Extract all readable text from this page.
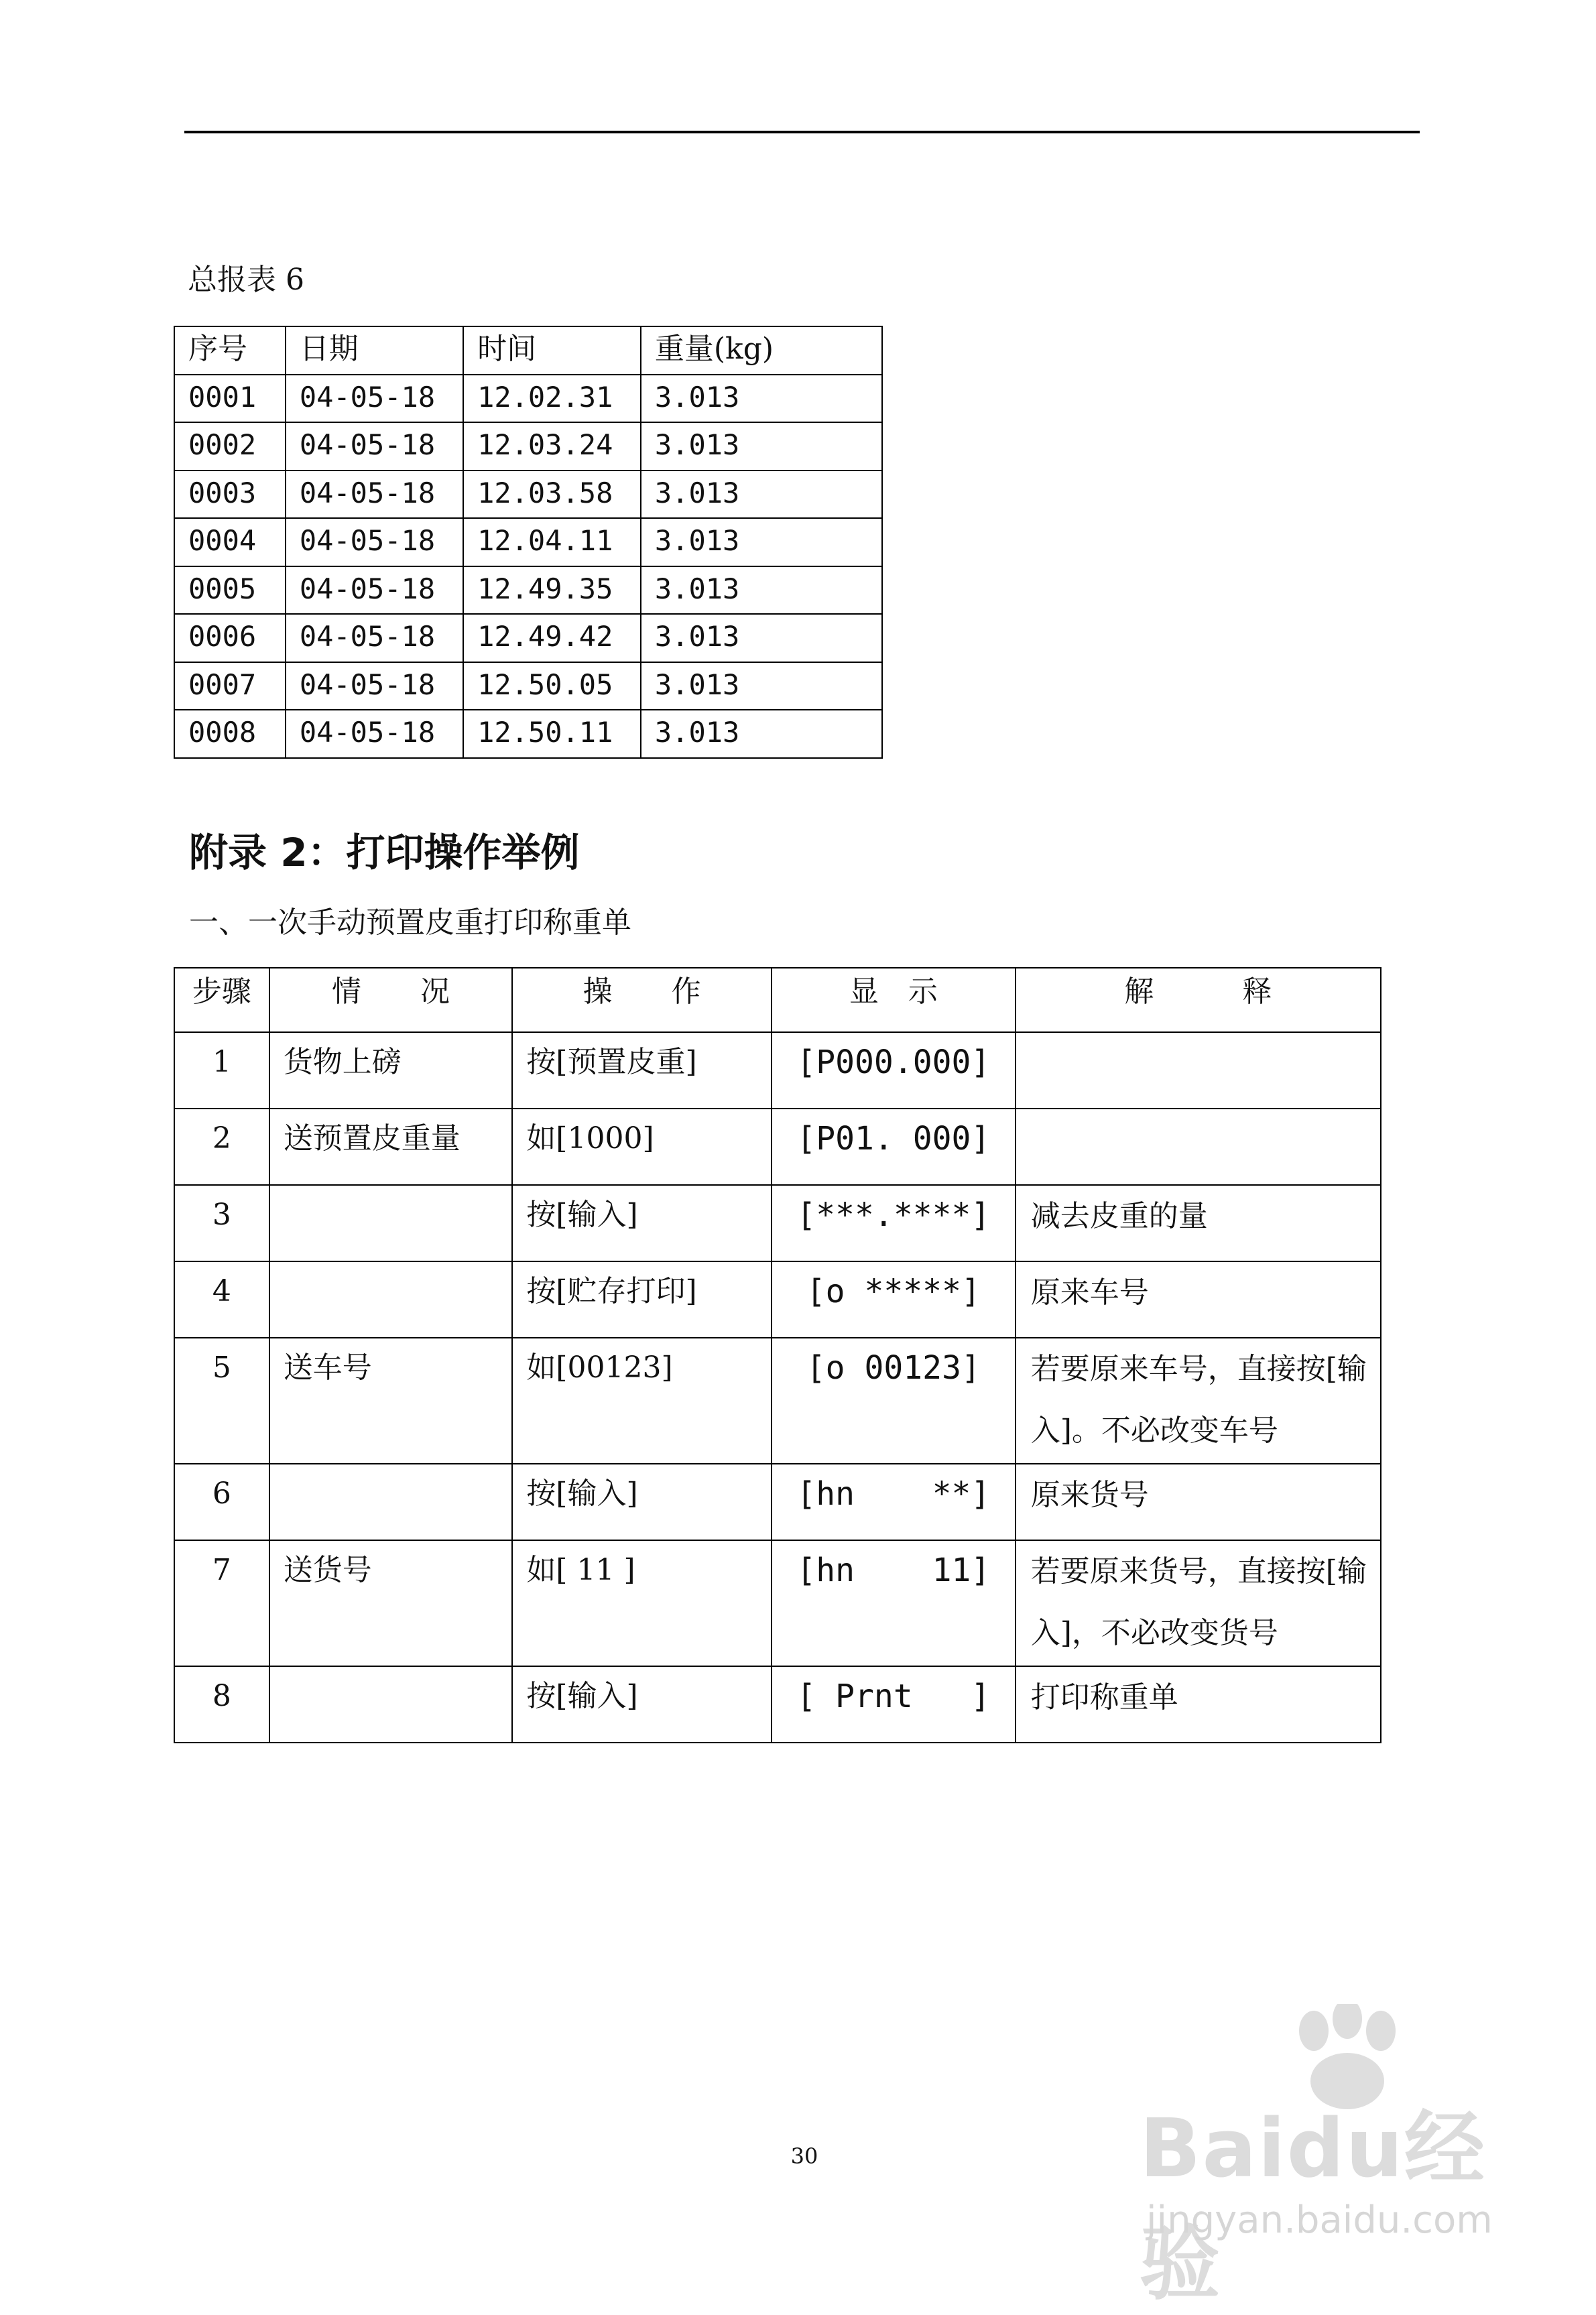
总报表 6
序号	日期	时间	重量(kg)
0001	04-05-18	12.02.31	3.013
0002	04-05-18	12.03.24	3.013
0003	04-05-18	12.03.58	3.013
0004	04-05-18	12.04.11	3.013
0005	04-05-18	12.49.35	3.013
0006	04-05-18	12.49.42	3.013
0007	04-05-18	12.50.05	3.013
0008	04-05-18	12.50.11	3.013
附录 2：打印操作举例
一、一次手动预置皮重打印称重单
步骤	情　　况	操　　作	显　示	解　　　释
1	货物上磅	按[预置皮重]	[P000.000]	
2	送预置皮重量	如[1000]	[P01. 000]	
3		按[输入]	[***.****]	减去皮重的量
4		按[贮存打印]	[o *****]	原来车号
5	送车号	如[00123]	[o 00123]	若要原来车号，直接按[输入]。不必改变车号
6		按[输入]	[hn    **]	原来货号
7	送货号	如[ 11 ]	[hn    11]	若要原来货号，直接按[输入]，不必改变货号
8		按[输入]	[ Prnt   ]	打印称重单
30	Baidu经验
jingyan.baidu.com
